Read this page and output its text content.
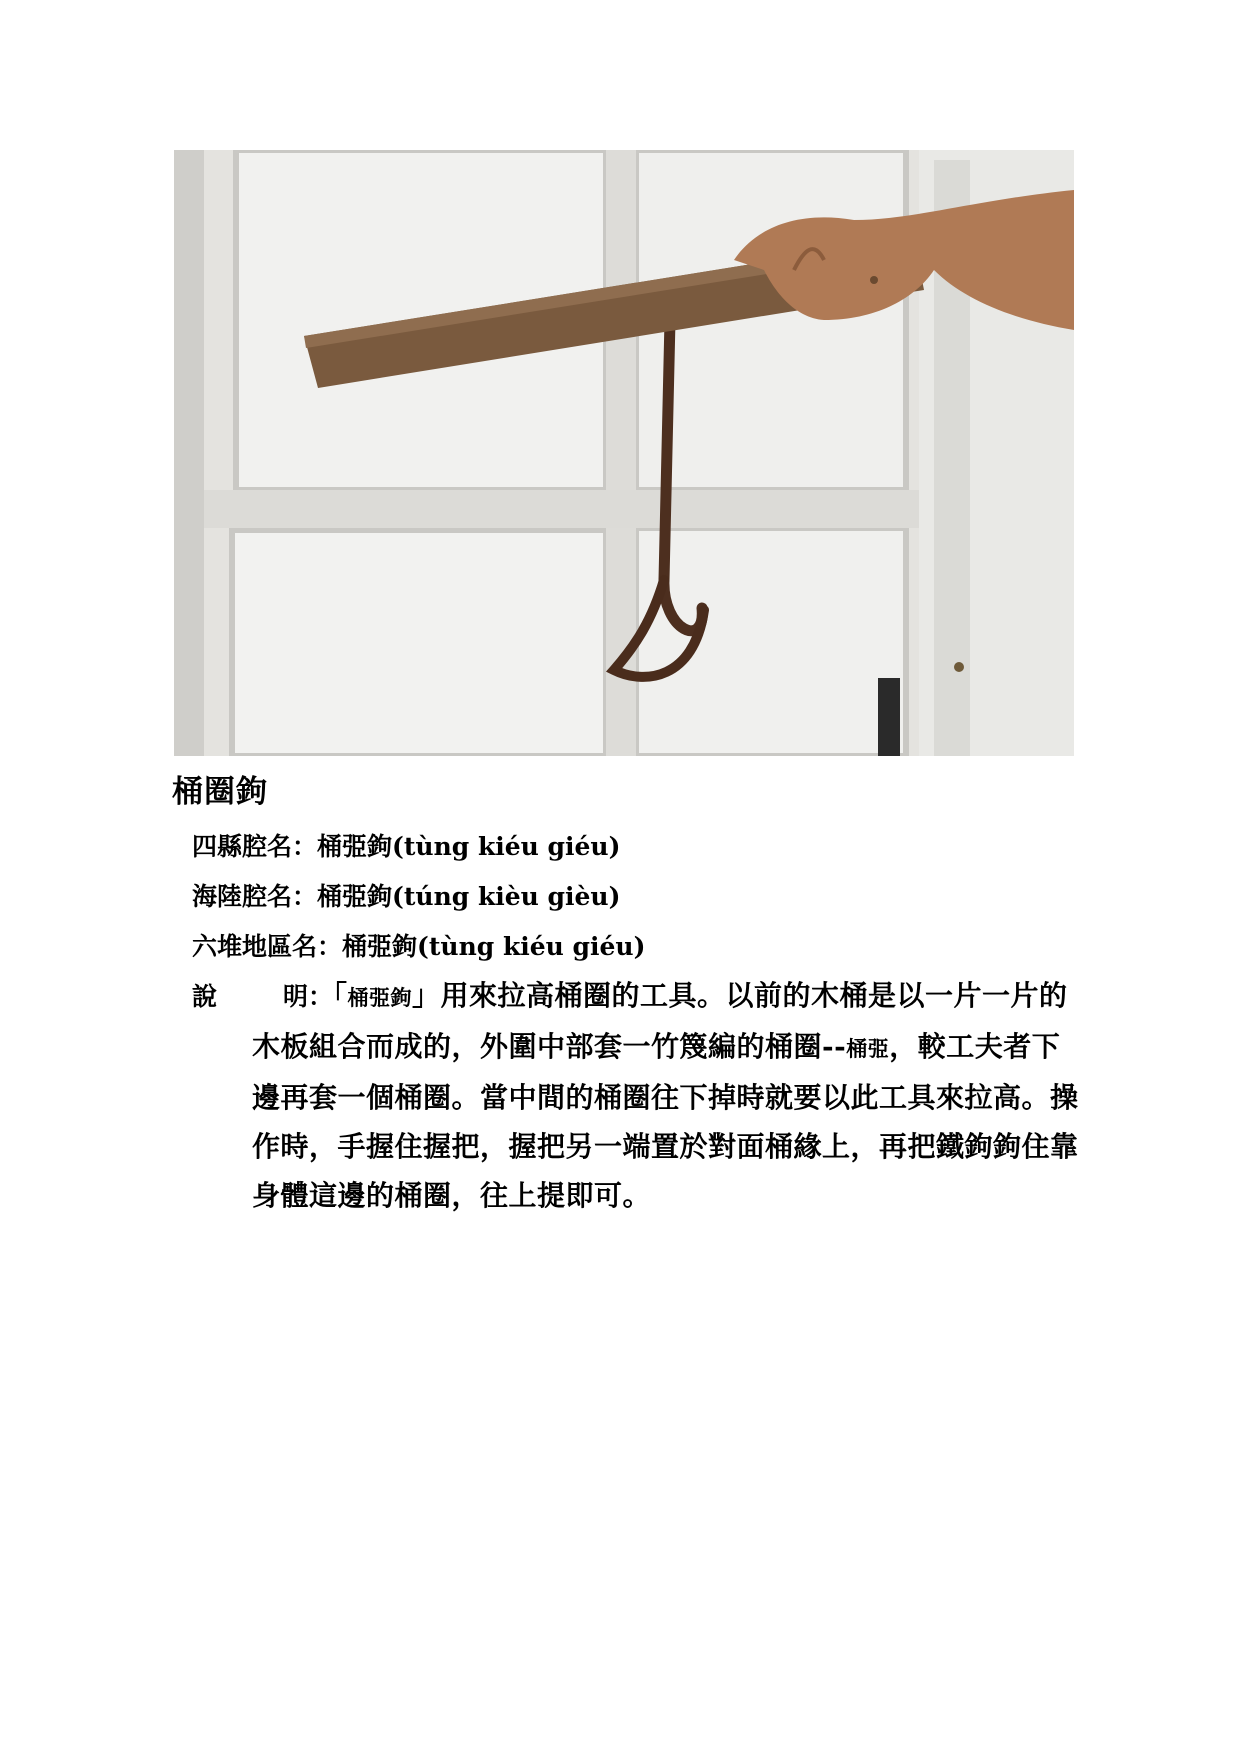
桶圈鉤
四縣腔名：桶弫鉤(tùng kiéu giéu)
海陸腔名：桶弫鉤(túng kièu gièu)
六堆地區名：桶弫鉤(tùng kiéu giéu)
說	明： 「桶弫鉤」用來拉高桶圈的工具。以前的木桶是以一片一片的木板組合而成的，外圍中部套一竹篾編的桶圈--桶弫，較工夫者下邊再套一個桶圈。當中間的桶圈往下掉時就要以此工具來拉高。操作時，手握住握把，握把另一端置於對面桶緣上，再把鐵鉤鉤住靠身體這邊的桶圈，往上提即可。
